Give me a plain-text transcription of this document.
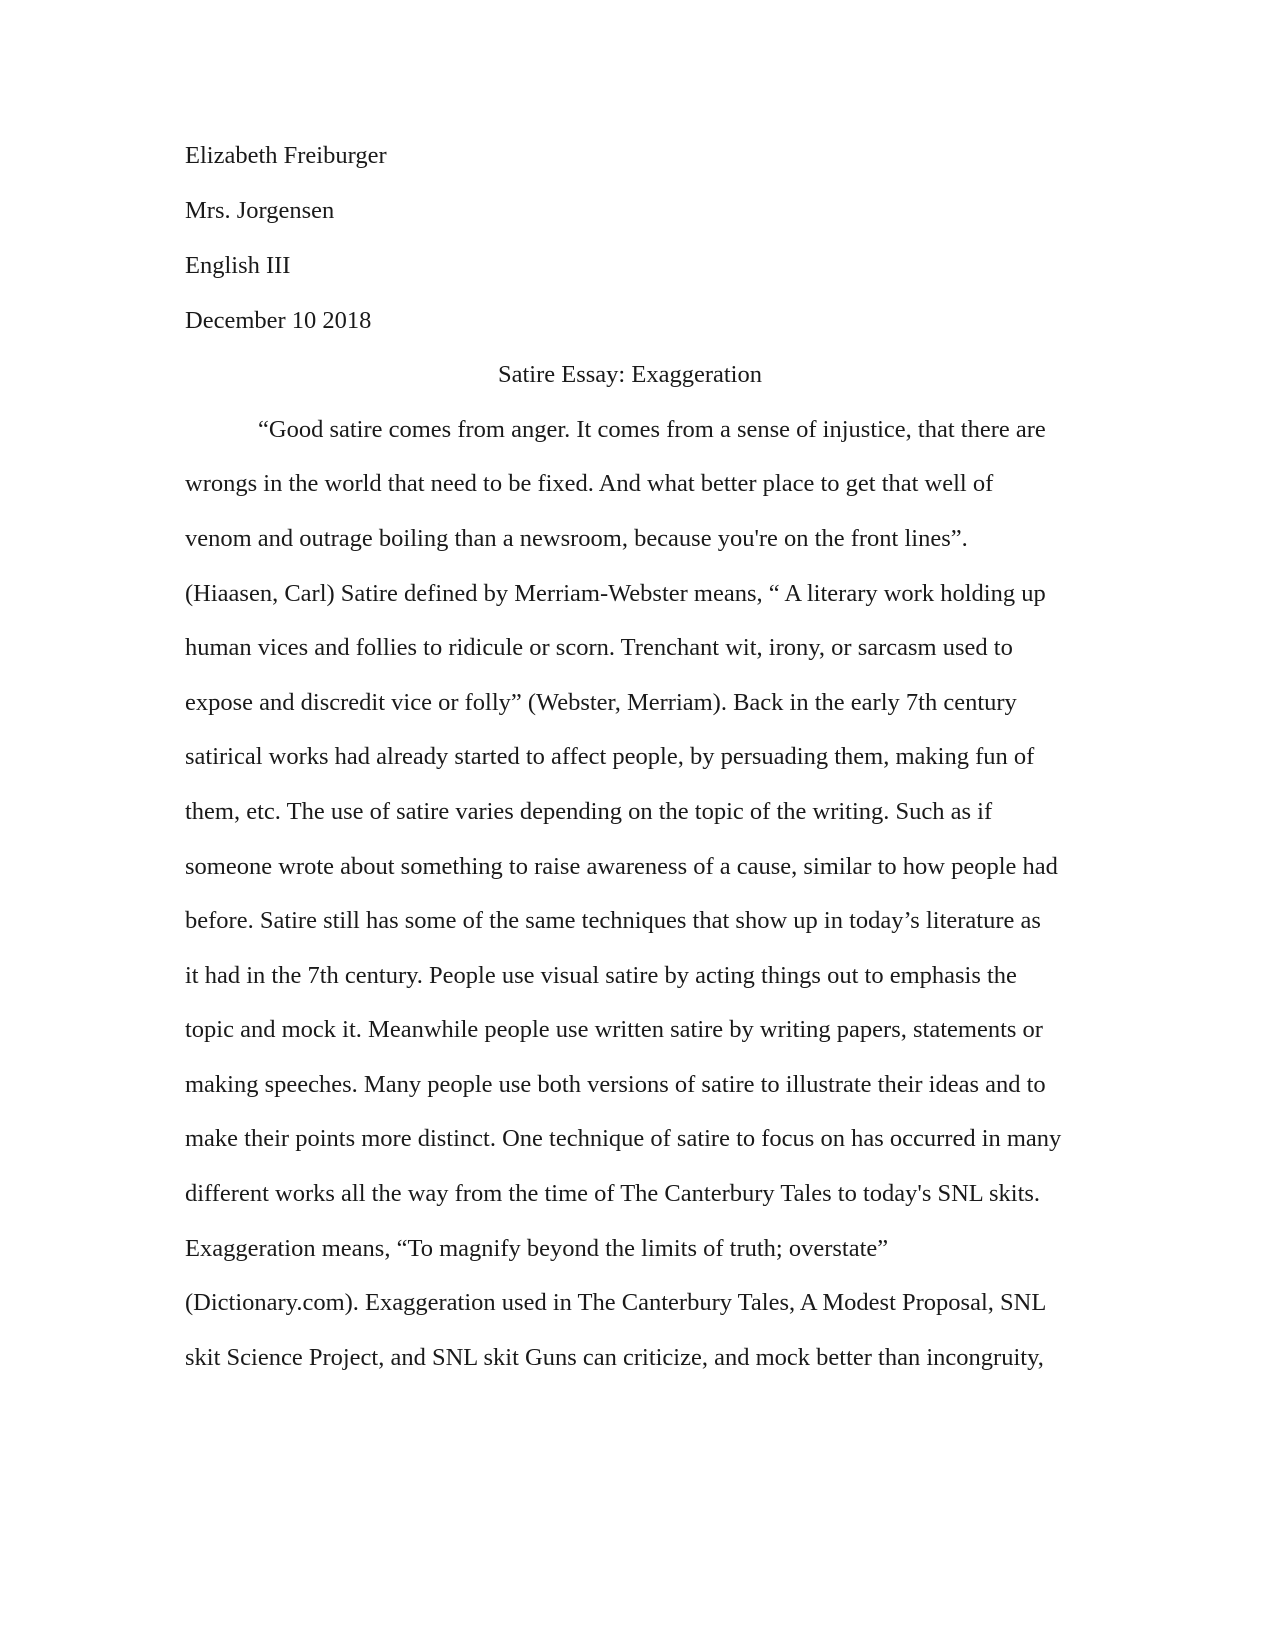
Elizabeth Freiburger
Mrs. Jorgensen
English III
December 10 2018
Satire Essay: Exaggeration
“Good satire comes from anger. It comes from a sense of injustice, that there are
wrongs in the world that need to be fixed. And what better place to get that well of
venom and outrage boiling than a newsroom, because you're on the front lines”.
(Hiaasen, Carl) Satire defined by Merriam-Webster means, “ A literary work holding up
human vices and follies to ridicule or scorn. Trenchant wit, irony, or sarcasm used to
expose and discredit vice or folly” (Webster, Merriam). Back in the early 7th century
satirical works had already started to affect people, by persuading them, making fun of
them, etc. The use of satire varies depending on the topic of the writing. Such as if
someone wrote about something to raise awareness of a cause, similar to how people had
before. Satire still has some of the same techniques that show up in today’s literature as
it had in the 7th century. People use visual satire by acting things out to emphasis the
topic and mock it. Meanwhile people use written satire by writing papers, statements or
making speeches. Many people use both versions of satire to illustrate their ideas and to
make their points more distinct. One technique of satire to focus on has occurred in many
different works all the way from the time of The Canterbury Tales to today's SNL skits.
Exaggeration means, “To magnify beyond the limits of truth; overstate”
(Dictionary.com). Exaggeration used in The Canterbury Tales, A Modest Proposal, SNL
skit Science Project, and SNL skit Guns can criticize, and mock better than incongruity,
